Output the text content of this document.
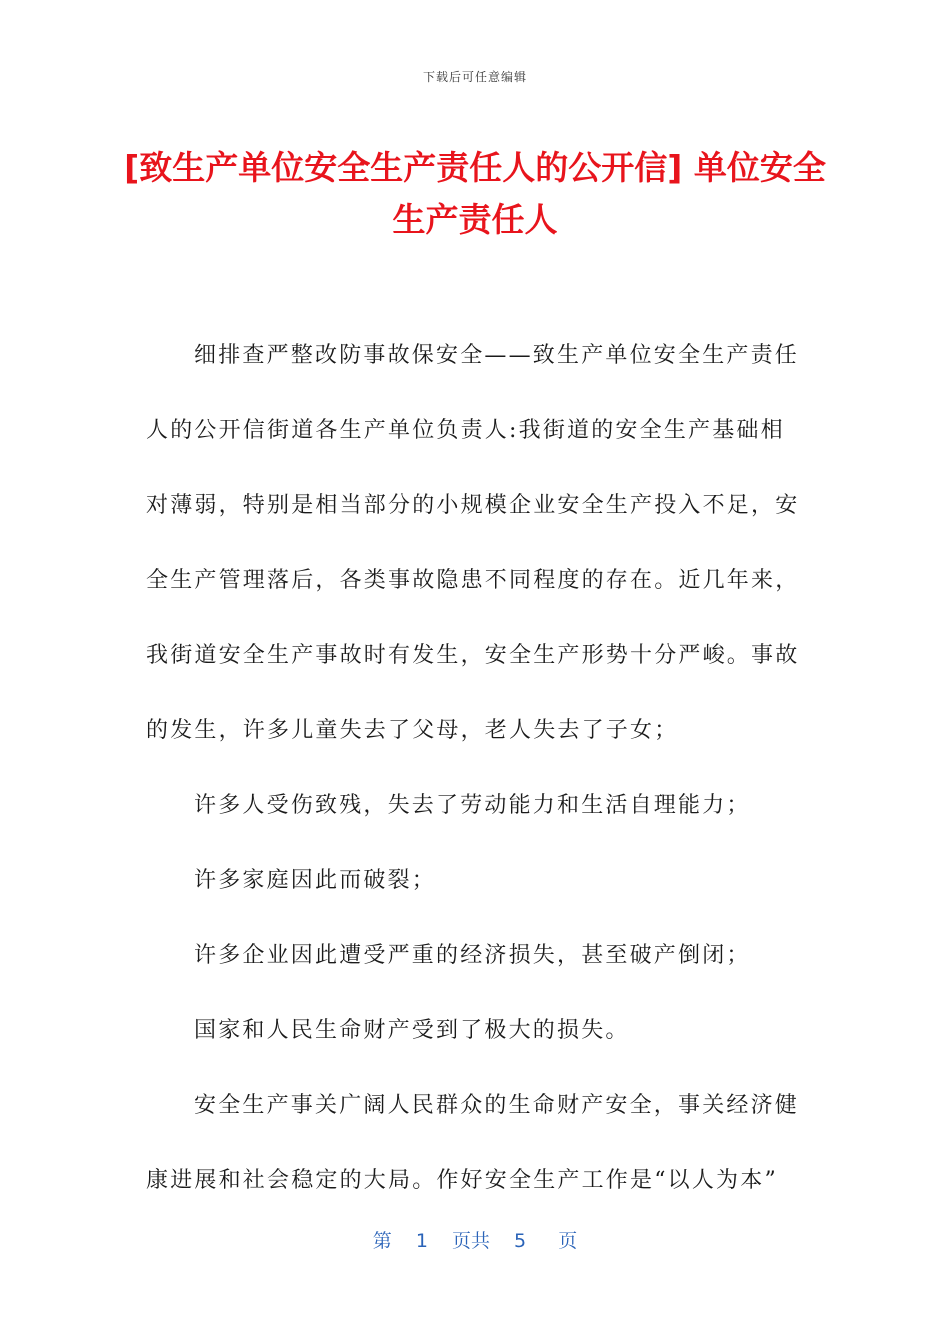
下载后可任意编辑
[致生产单位安全生产责任人的公开信] 单位安全生产责任人

细排查严整改防事故保安全——致生产单位安全生产责任人的公开信街道各生产单位负责人:我街道的安全生产基础相对薄弱，特别是相当部分的小规模企业安全生产投入不足，安全生产管理落后，各类事故隐患不同程度的存在。近几年来，我街道安全生产事故时有发生，安全生产形势十分严峻。事故的发生，许多儿童失去了父母，老人失去了子女；

许多人受伤致残，失去了劳动能力和生活自理能力；

许多家庭因此而破裂；

许多企业因此遭受严重的经济损失，甚至破产倒闭；

国家和人民生命财产受到了极大的损失。

安全生产事关广阔人民群众的生命财产安全，事关经济健康进展和社会稳定的大局。作好安全生产工作是“以人为本”

第 1 页共 5 页
